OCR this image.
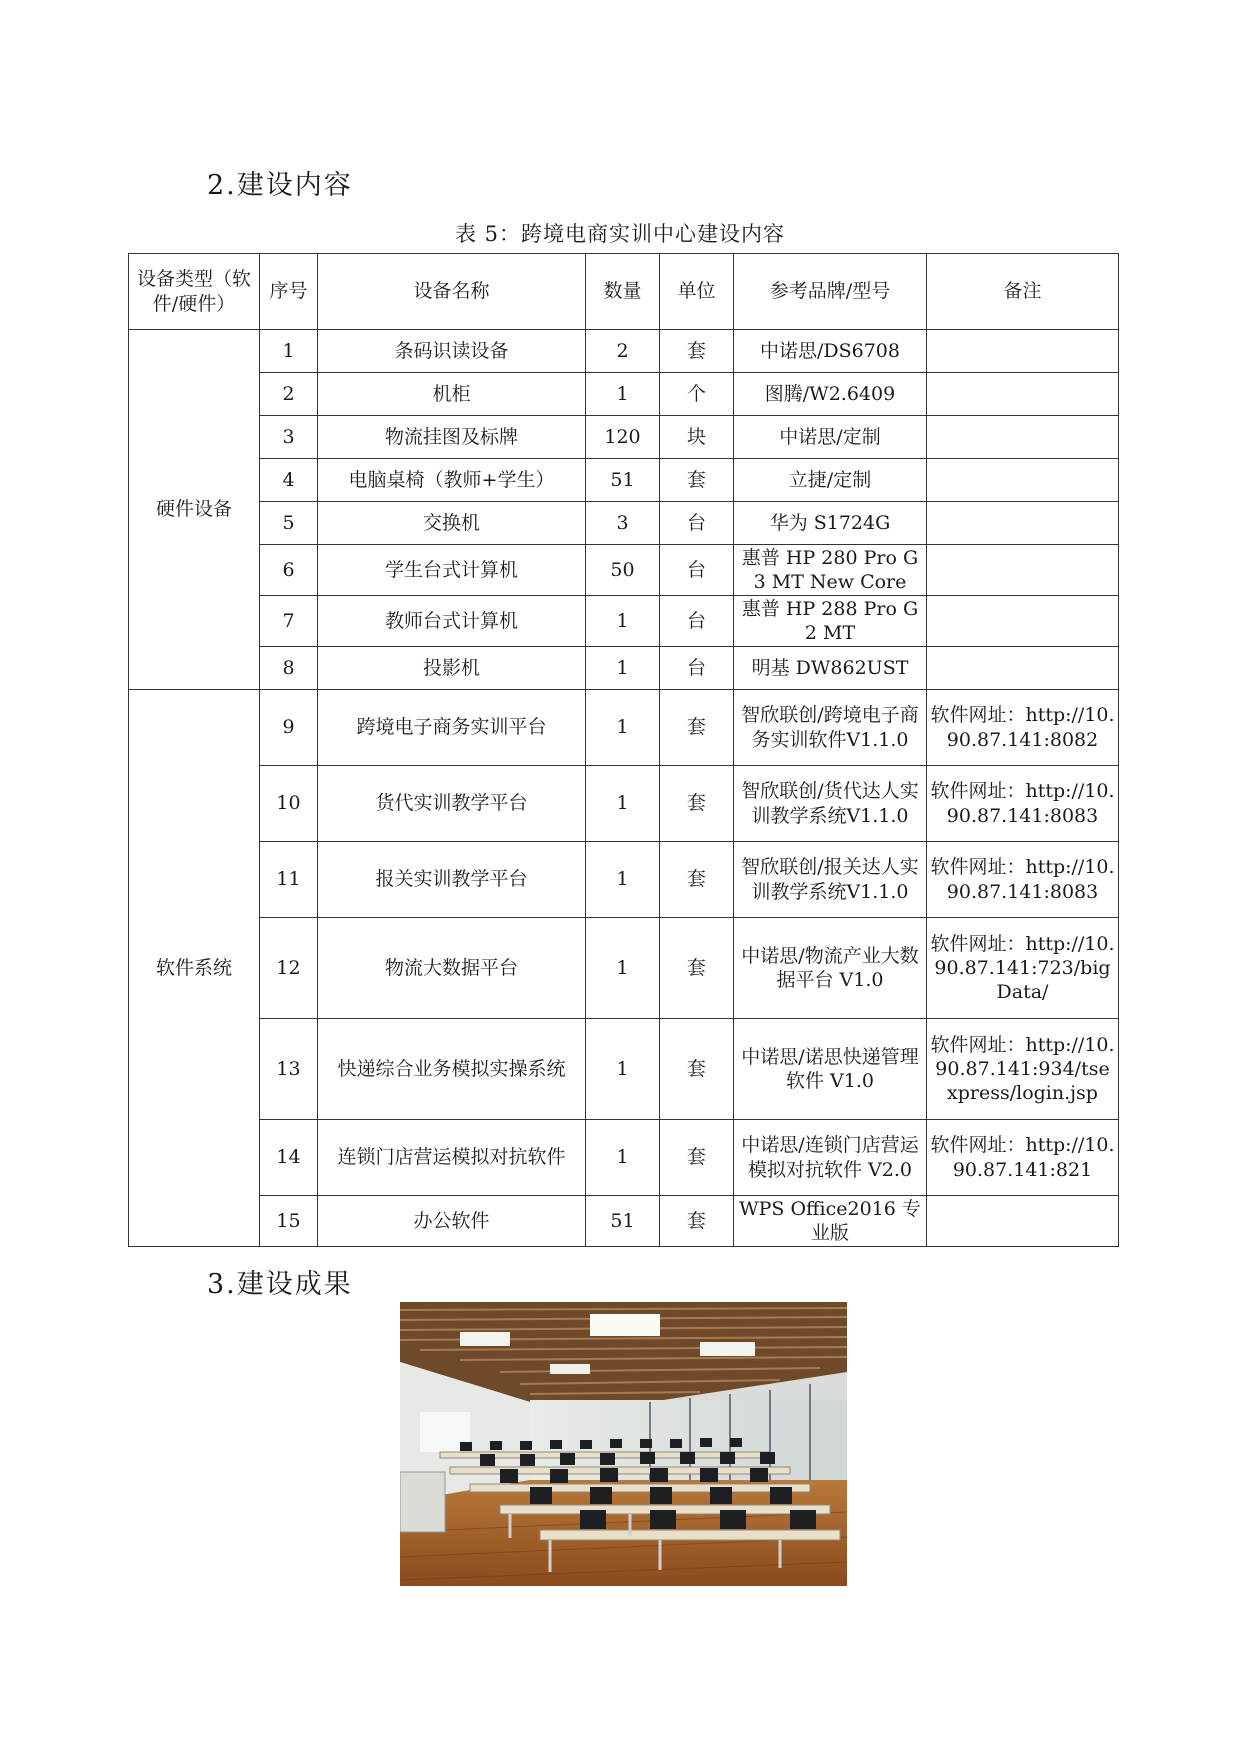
2.建设内容
表 5：跨境电商实训中心建设内容
设备类型（软件/硬件）	序号	设备名称	数量	单位	参考品牌/型号	备注
硬件设备	1	条码识读设备	2	套	中诺思/DS6708	
	2	机柜	1	个	图腾/W2.6409	
	3	物流挂图及标牌	120	块	中诺思/定制	
	4	电脑桌椅（教师+学生）	51	套	立捷/定制	
	5	交换机	3	台	华为 S1724G	
	6	学生台式计算机	50	台	惠普 HP 280 Pro G3 MT New Core	
	7	教师台式计算机	1	台	惠普 HP 288 Pro G2 MT	
	8	投影机	1	台	明基 DW862UST	
软件系统	9	跨境电子商务实训平台	1	套	智欣联创/跨境电子商务实训软件V1.1.0	软件网址：http://10.90.87.141:8082
	10	货代实训教学平台	1	套	智欣联创/货代达人实训教学系统V1.1.0	软件网址：http://10.90.87.141:8083
	11	报关实训教学平台	1	套	智欣联创/报关达人实训教学系统V1.1.0	软件网址：http://10.90.87.141:8083
	12	物流大数据平台	1	套	中诺思/物流产业大数据平台 V1.0	软件网址：http://10.90.87.141:723/bigData/
	13	快递综合业务模拟实操系统	1	套	中诺思/诺思快递管理软件 V1.0	软件网址：http://10.90.87.141:934/tsexpress/login.jsp
	14	连锁门店营运模拟对抗软件	1	套	中诺思/连锁门店营运模拟对抗软件 V2.0	软件网址：http://10.90.87.141:821
	15	办公软件	51	套	WPS Office2016 专业版	
3.建设成果
